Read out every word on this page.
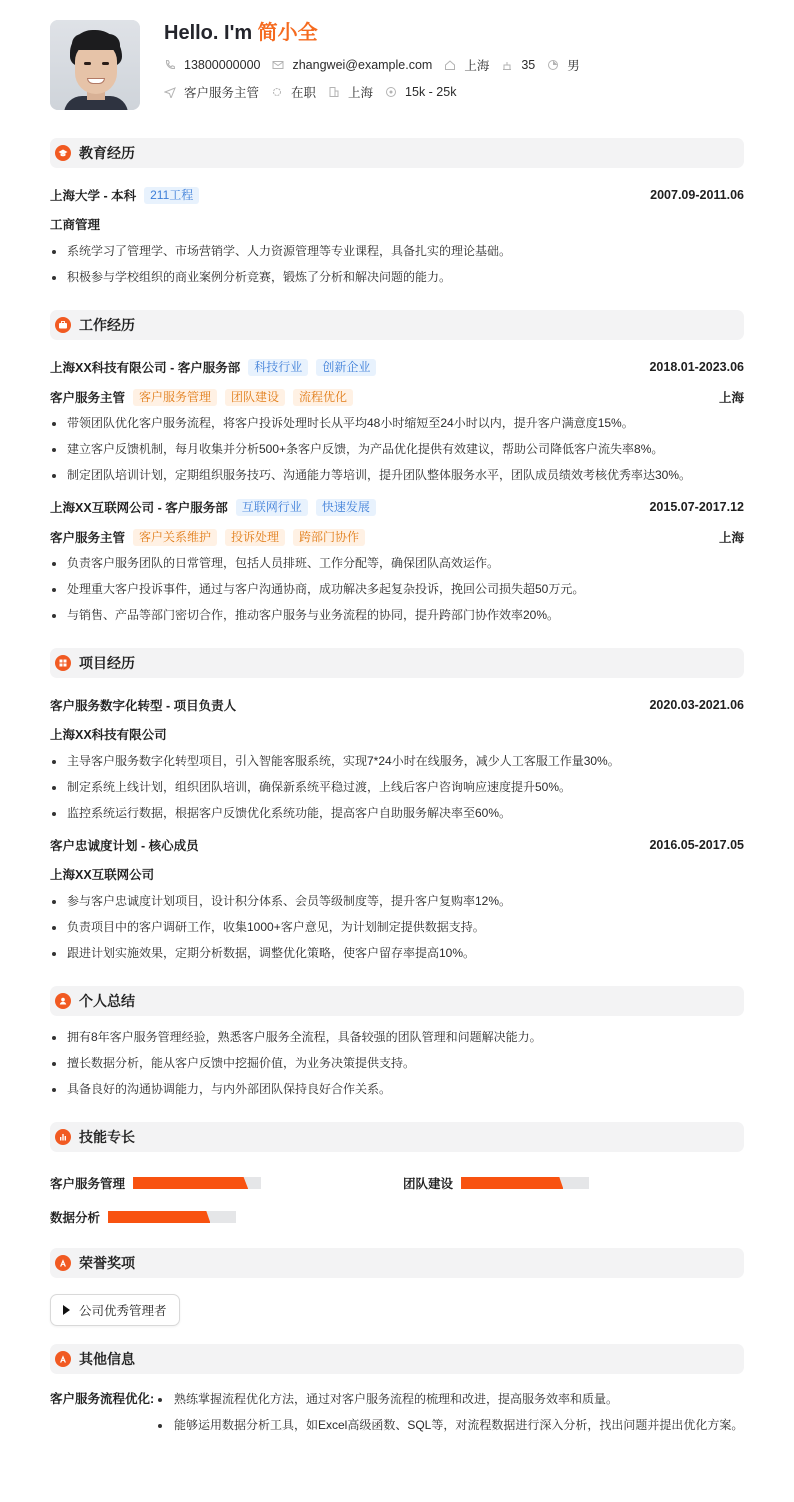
Hello. I'm 简小全
13800000000	zhangwei@example.com	上海	35	男
客户服务主管	在职	上海	15k - 25k
教育经历
上海大学 - 本科	211工程	2007.09-2011.06
工商管理
系统学习了管理学、市场营销学、人力资源管理等专业课程，具备扎实的理论基础。
积极参与学校组织的商业案例分析竞赛，锻炼了分析和解决问题的能力。
工作经历
上海XX科技有限公司 - 客户服务部	科技行业	创新企业	2018.01-2023.06
客户服务主管	客户服务管理	团队建设	流程优化	上海
带领团队优化客户服务流程，将客户投诉处理时长从平均48小时缩短至24小时以内，提升客户满意度15%。
建立客户反馈机制，每月收集并分析500+条客户反馈，为产品优化提供有效建议，帮助公司降低客户流失率8%。
制定团队培训计划，定期组织服务技巧、沟通能力等培训，提升团队整体服务水平，团队成员绩效考核优秀率达30%。
上海XX互联网公司 - 客户服务部	互联网行业	快速发展	2015.07-2017.12
客户服务主管	客户关系维护	投诉处理	跨部门协作	上海
负责客户服务团队的日常管理，包括人员排班、工作分配等，确保团队高效运作。
处理重大客户投诉事件，通过与客户沟通协商，成功解决多起复杂投诉，挽回公司损失超50万元。
与销售、产品等部门密切合作，推动客户服务与业务流程的协同，提升跨部门协作效率20%。
项目经历
客户服务数字化转型 - 项目负责人	2020.03-2021.06
上海XX科技有限公司
主导客户服务数字化转型项目，引入智能客服系统，实现7*24小时在线服务，减少人工客服工作量30%。
制定系统上线计划，组织团队培训，确保新系统平稳过渡，上线后客户咨询响应速度提升50%。
监控系统运行数据，根据客户反馈优化系统功能，提高客户自助服务解决率至60%。
客户忠诚度计划 - 核心成员	2016.05-2017.05
上海XX互联网公司
参与客户忠诚度计划项目，设计积分体系、会员等级制度等，提升客户复购率12%。
负责项目中的客户调研工作，收集1000+客户意见，为计划制定提供数据支持。
跟进计划实施效果，定期分析数据，调整优化策略，使客户留存率提高10%。
个人总结
拥有8年客户服务管理经验，熟悉客户服务全流程，具备较强的团队管理和问题解决能力。
擅长数据分析，能从客户反馈中挖掘价值，为业务决策提供支持。
具备良好的沟通协调能力，与内外部团队保持良好合作关系。
技能专长
客户服务管理	团队建设
数据分析
荣誉奖项
公司优秀管理者
其他信息
客户服务流程优化:	熟练掌握流程优化方法，通过对客户服务流程的梳理和改进，提高服务效率和质量。
能够运用数据分析工具，如Excel高级函数、SQL等，对流程数据进行深入分析，找出问题并提出优化方案。
